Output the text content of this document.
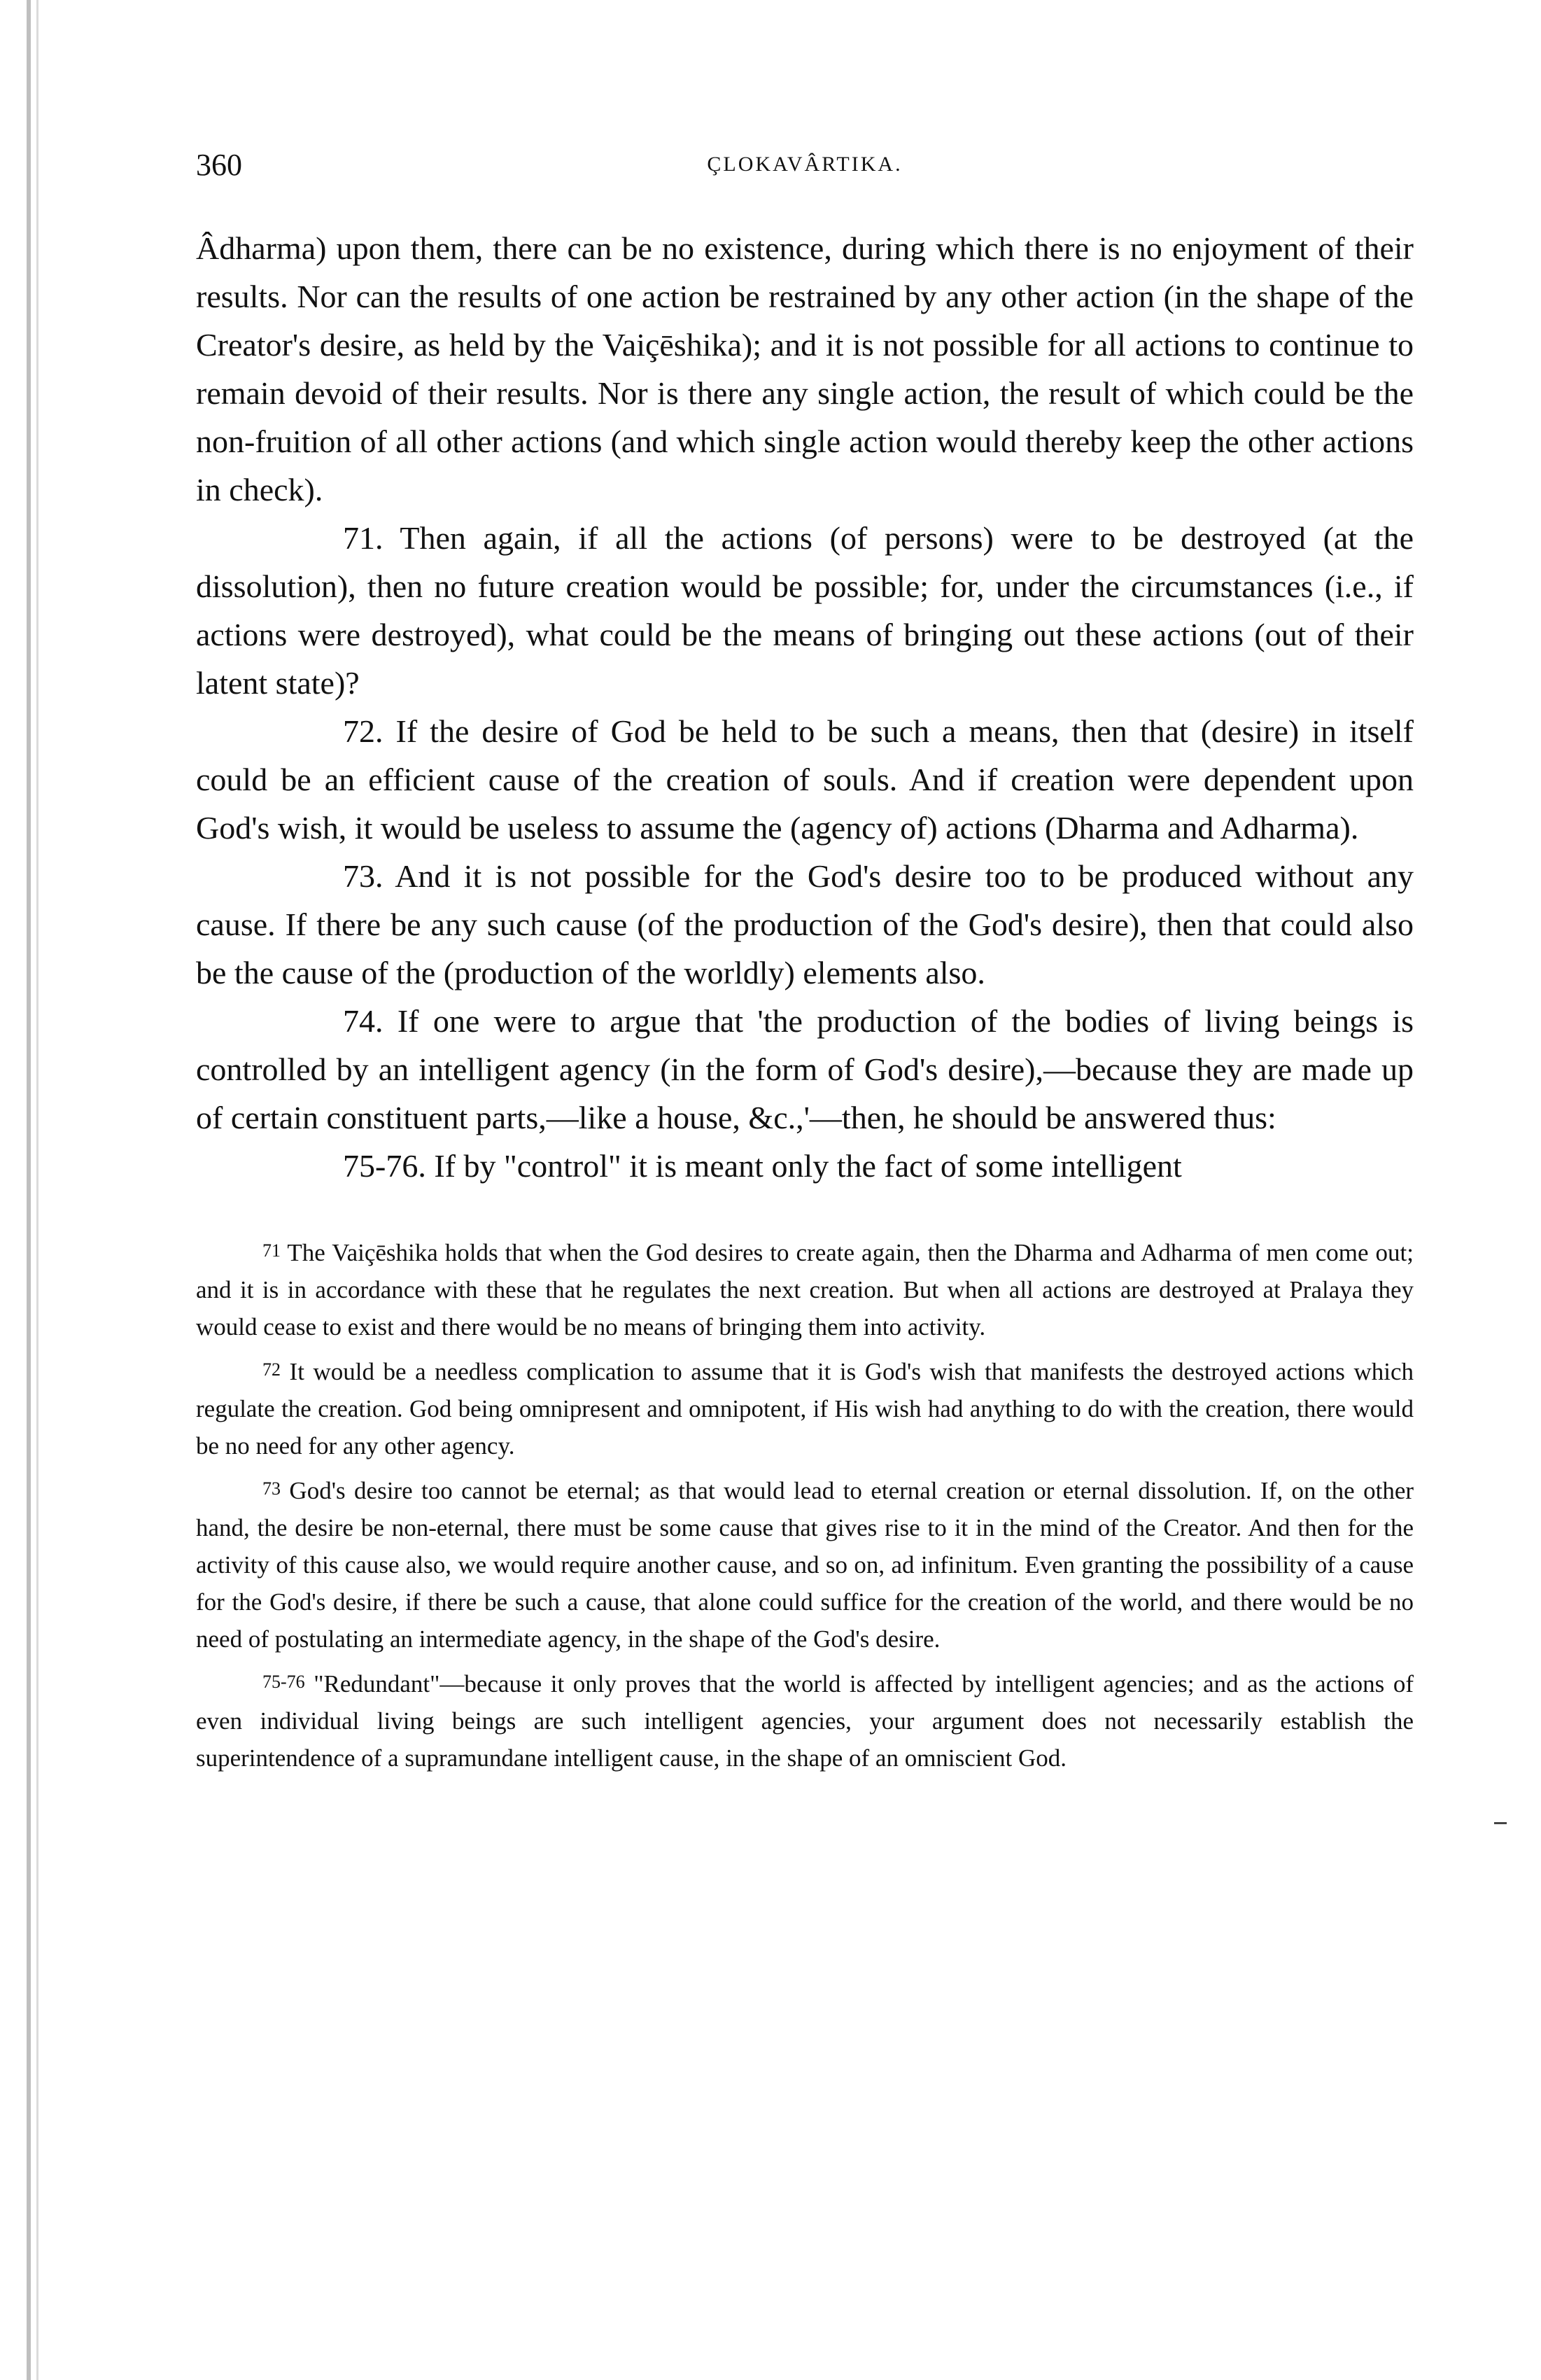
360	ÇLOKAVÂRTIKA.

Âdharma) upon them, there can be no existence, during which there is no enjoyment of their results. Nor can the results of one action be restrained by any other action (in the shape of the Creator's desire, as held by the Vaiçēshika); and it is not possible for all actions to continue to remain devoid of their results. Nor is there any single action, the result of which could be the non-fruition of all other actions (and which single action would thereby keep the other actions in check).

71. Then again, if all the actions (of persons) were to be destroyed (at the dissolution), then no future creation would be possible; for, under the circumstances (i.e., if actions were destroyed), what could be the means of bringing out these actions (out of their latent state)?

72. If the desire of God be held to be such a means, then that (desire) in itself could be an efficient cause of the creation of souls. And if creation were dependent upon God's wish, it would be useless to assume the (agency of) actions (Dharma and Adharma).

73. And it is not possible for the God's desire too to be produced without any cause. If there be any such cause (of the production of the God's desire), then that could also be the cause of the (production of the worldly) elements also.

74. If one were to argue that 'the production of the bodies of living beings is controlled by an intelligent agency (in the form of God's desire),—because they are made up of certain constituent parts,—like a house, &c.,'—then, he should be answered thus:

75-76. If by "control" it is meant only the fact of some intelligent

71 The Vaiçēshika holds that when the God desires to create again, then the Dharma and Adharma of men come out; and it is in accordance with these that he regulates the next creation. But when all actions are destroyed at Pralaya they would cease to exist and there would be no means of bringing them into activity.

72 It would be a needless complication to assume that it is God's wish that manifests the destroyed actions which regulate the creation. God being omnipresent and omnipotent, if His wish had anything to do with the creation, there would be no need for any other agency.

73 God's desire too cannot be eternal; as that would lead to eternal creation or eternal dissolution. If, on the other hand, the desire be non-eternal, there must be some cause that gives rise to it in the mind of the Creator. And then for the activity of this cause also, we would require another cause, and so on, ad infinitum. Even granting the possibility of a cause for the God's desire, if there be such a cause, that alone could suffice for the creation of the world, and there would be no need of postulating an intermediate agency, in the shape of the God's desire.

75-76 "Redundant"—because it only proves that the world is affected by intelligent agencies; and as the actions of even individual living beings are such intelligent agencies, your argument does not necessarily establish the superintendence of a supramundane intelligent cause, in the shape of an omniscient God.
